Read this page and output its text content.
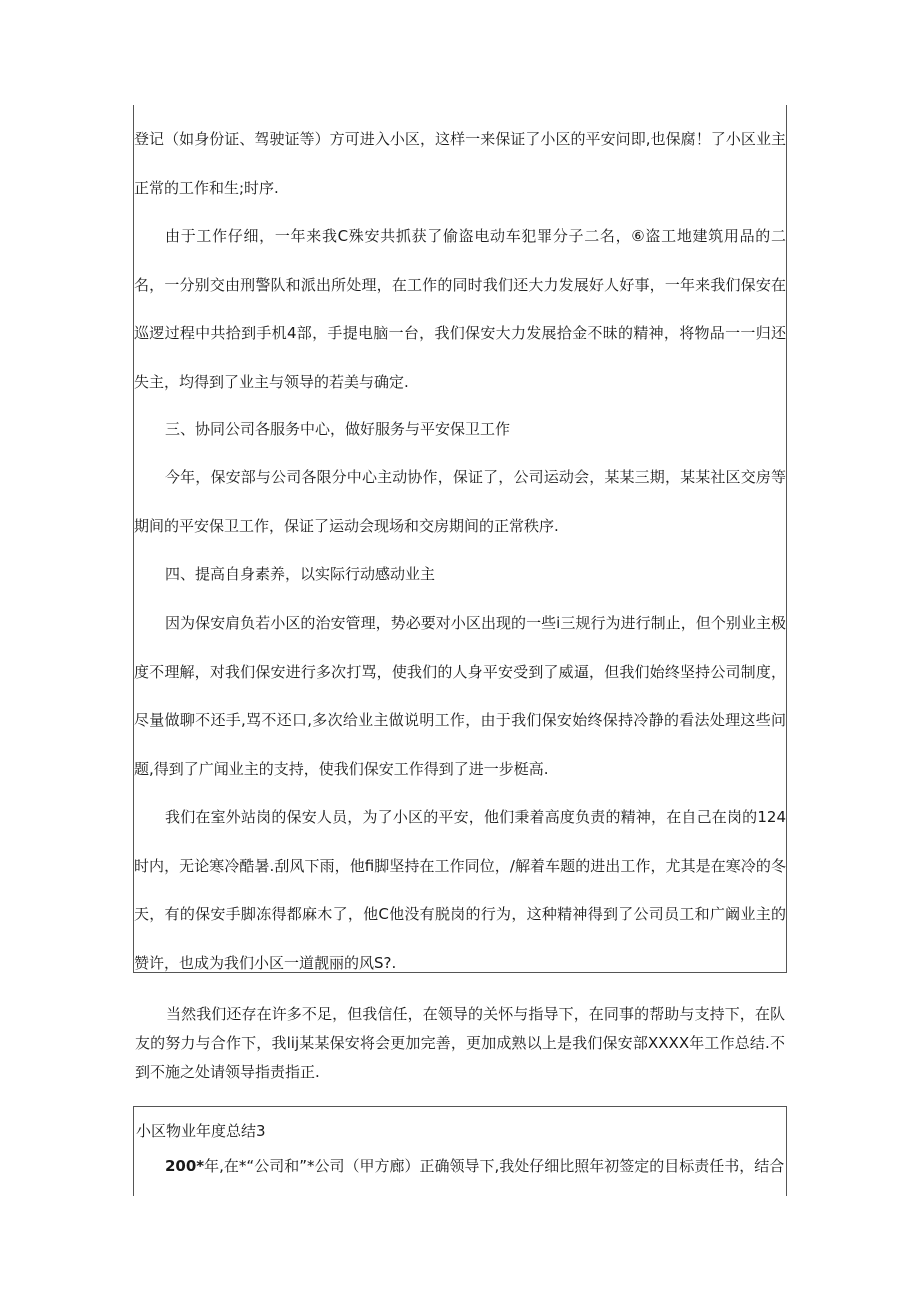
登记（如身份证、驾驶证等）方可进入小区，这样一来保证了小区的平安问即,也保腐！了小区业主正常的工作和生;时序.

由于工作仔细，一年来我C殊安共抓获了偷盗电动车犯罪分子二名，⑥盗工地建筑用品的二名，一分别交由刑警队和派出所处理，在工作的同时我们还大力发展好人好事，一年来我们保安在巡逻过程中共拾到手机4部，手提电脑一台，我们保安大力发展拾金不昧的精神，将物品一一归还失主，均得到了业主与领导的若美与确定.

三、协同公司各服务中心，做好服务与平安保卫工作

今年，保安部与公司各限分中心主动协作，保证了，公司运动会，某某三期，某某社区交房等期间的平安保卫工作，保证了运动会现场和交房期间的正常秩序.

四、提高自身素养，以实际行动感动业主

因为保安肩负若小区的治安管理，势必要对小区出现的一些i三规行为进行制止，但个别业主极度不理解，对我们保安进行多次打骂，使我们的人身平安受到了威逼，但我们始终坚持公司制度，尽量做聊不还手,骂不还口,多次给业主做说明工作，由于我们保安始终保持冷静的看法处理这些问题,得到了广闻业主的支持，使我们保安工作得到了进一步梃高.

我们在室外站岗的保安人员，为了小区的平安，他们秉着高度负责的精神，在自己在岗的124时内，无论寒冷酷暑.刮风下雨，他fi脚坚持在工作同位，/解着车题的进出工作，尤其是在寒冷的冬天，有的保安手脚冻得都麻木了，他C他没有脱岗的行为，这种精神得到了公司员工和广阚业主的赞许，也成为我们小区一道靓丽的风S?.

当然我们还存在许多不足，但我信任，在领导的关怀与指导下，在同事的帮助与支持下，在队友的努力与合作下，我lij某某保安将会更加完善，更加成熟以上是我们保安部XXXX年工作总结.不到不施之处请领导指责指正.

小区物业年度总结3

200*年,在*“公司和”*公司（甲方廊）正确领导下,我处仔细比照年初签定的目标责任书，结合
